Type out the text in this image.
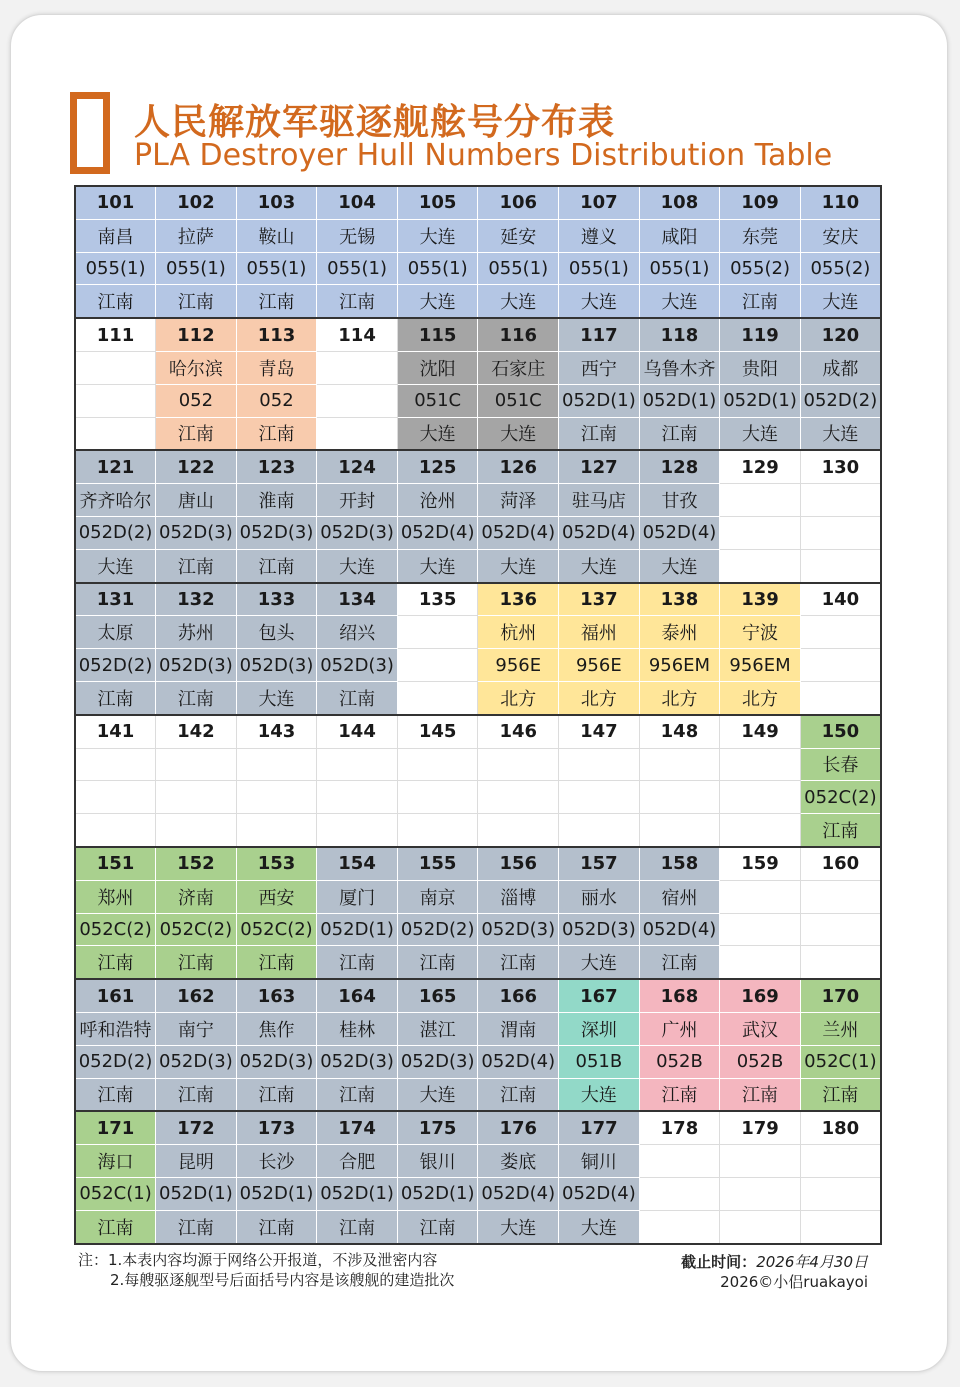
人民解放军驱逐舰舷号分布表
PLA Destroyer Hull Numbers Distribution Table
101	102	103	104	105	106	107	108	109	110
南昌	拉萨	鞍山	无锡	大连	延安	遵义	咸阳	东莞	安庆
055(1)	055(1)	055(1)	055(1)	055(1)	055(1)	055(1)	055(1)	055(2)	055(2)
江南	江南	江南	江南	大连	大连	大连	大连	江南	大连
111	112	113	114	115	116	117	118	119	120
	哈尔滨	青岛		沈阳	石家庄	西宁	乌鲁木齐	贵阳	成都
	052	052		051C	051C	052D(1)	052D(1)	052D(1)	052D(2)
	江南	江南		大连	大连	江南	江南	大连	大连
121	122	123	124	125	126	127	128	129	130
齐齐哈尔	唐山	淮南	开封	沧州	菏泽	驻马店	甘孜		
052D(2)	052D(3)	052D(3)	052D(3)	052D(4)	052D(4)	052D(4)	052D(4)		
大连	江南	江南	大连	大连	大连	大连	大连		
131	132	133	134	135	136	137	138	139	140
太原	苏州	包头	绍兴		杭州	福州	泰州	宁波	
052D(2)	052D(3)	052D(3)	052D(3)		956E	956E	956EM	956EM	
江南	江南	大连	江南		北方	北方	北方	北方	
141	142	143	144	145	146	147	148	149	150
									长春
									052C(2)
									江南
151	152	153	154	155	156	157	158	159	160
郑州	济南	西安	厦门	南京	淄博	丽水	宿州		
052C(2)	052C(2)	052C(2)	052D(1)	052D(2)	052D(3)	052D(3)	052D(4)		
江南	江南	江南	江南	江南	江南	大连	江南		
161	162	163	164	165	166	167	168	169	170
呼和浩特	南宁	焦作	桂林	湛江	渭南	深圳	广州	武汉	兰州
052D(2)	052D(3)	052D(3)	052D(3)	052D(3)	052D(4)	051B	052B	052B	052C(1)
江南	江南	江南	江南	大连	江南	大连	江南	江南	江南
171	172	173	174	175	176	177	178	179	180
海口	昆明	长沙	合肥	银川	娄底	铜川			
052C(1)	052D(1)	052D(1)	052D(1)	052D(1)	052D(4)	052D(4)			
江南	江南	江南	江南	江南	大连	大连			
注：1.本表内容均源于网络公开报道，不涉及泄密内容
2.每艘驱逐舰型号后面括号内容是该艘舰的建造批次
截止时间：2026年4月30日
2026©小侣ruakayoi
